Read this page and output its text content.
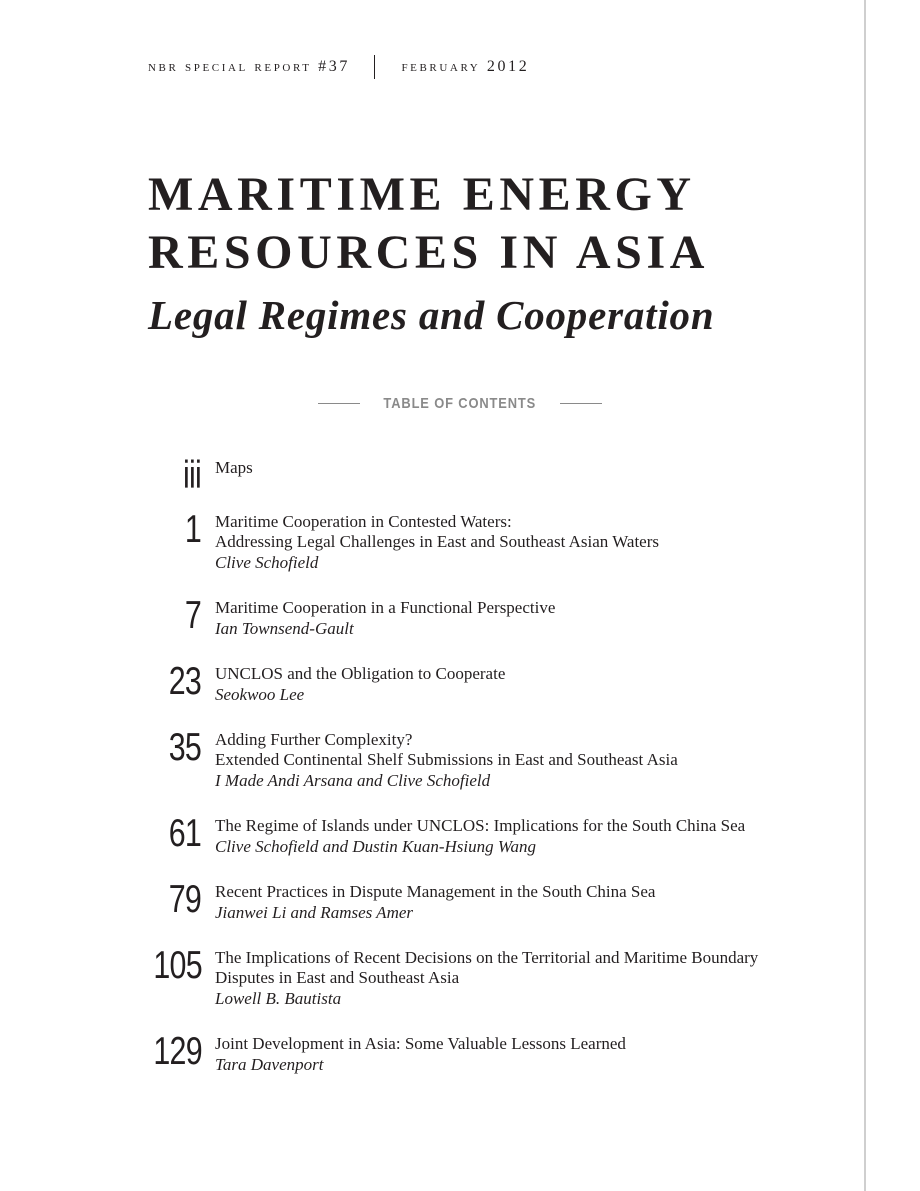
nbr special report #37	february 2012
MARITIME ENERGY
RESOURCES IN ASIA
Legal Regimes and Cooperation
TABLE OF CONTENTS
iii Maps
1 Maritime Cooperation in Contested Waters:
Addressing Legal Challenges in East and Southeast Asian Waters
Clive Schofield
7 Maritime Cooperation in a Functional Perspective
Ian Townsend-Gault
23 UNCLOS and the Obligation to Cooperate
Seokwoo Lee
35 Adding Further Complexity?
Extended Continental Shelf Submissions in East and Southeast Asia
I Made Andi Arsana and Clive Schofield
61 The Regime of Islands under UNCLOS: Implications for the South China Sea
Clive Schofield and Dustin Kuan-Hsiung Wang
79 Recent Practices in Dispute Management in the South China Sea
Jianwei Li and Ramses Amer
105 The Implications of Recent Decisions on the Territorial and Maritime Boundary
Disputes in East and Southeast Asia
Lowell B. Bautista
129 Joint Development in Asia: Some Valuable Lessons Learned
Tara Davenport
